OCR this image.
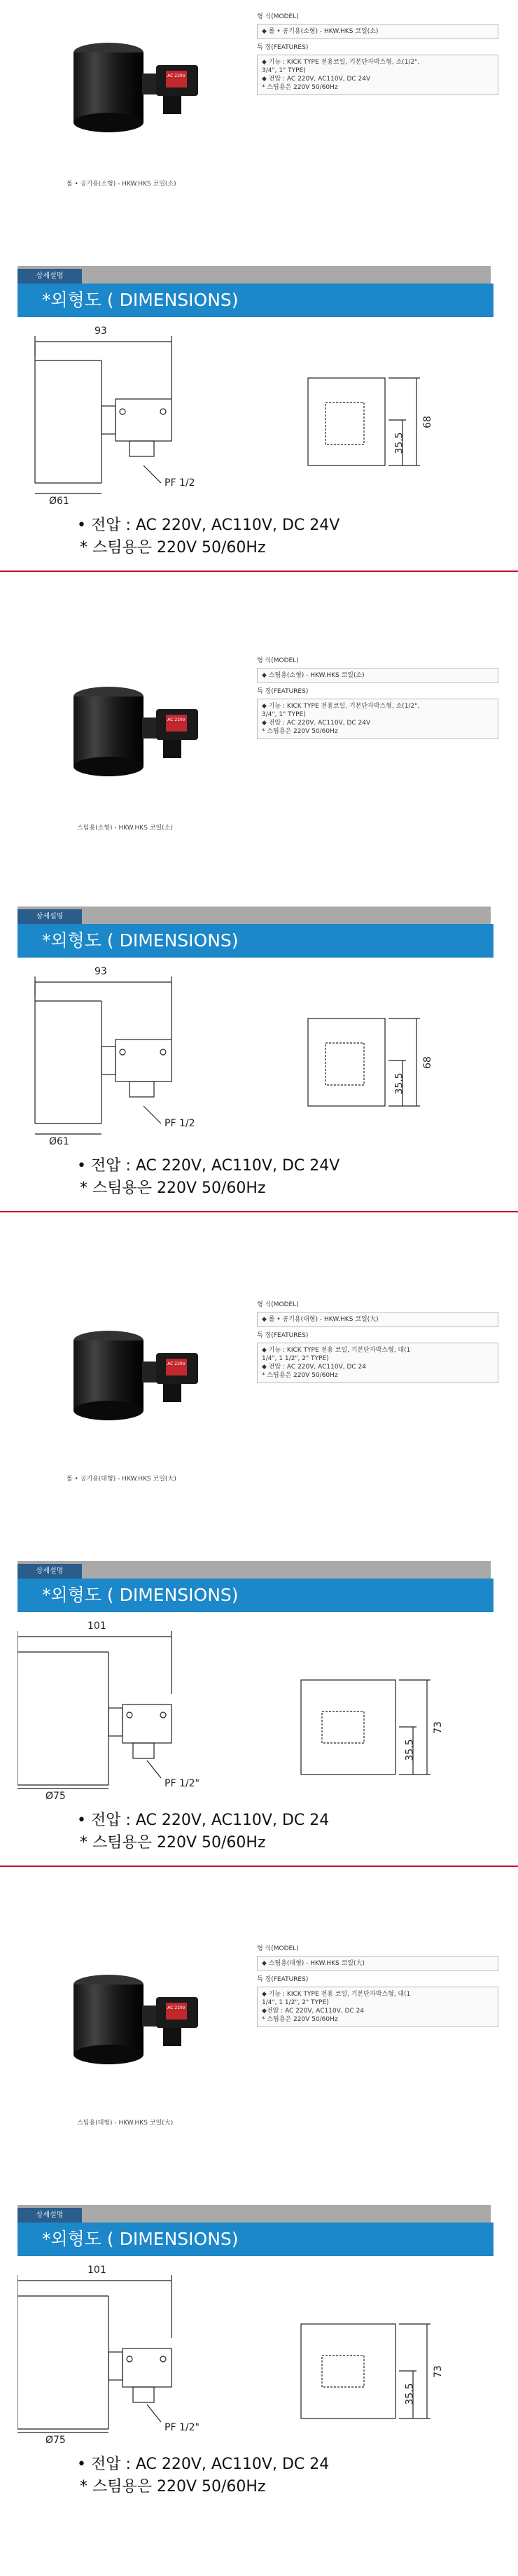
AC 220V
형 식(MODEL)
◆ 롤 • 공기용(소형) - HKW.HKS 코일(소)
특 징(FEATURES)
◆ 기능 : KICK TYPE 전용코일, 기본단자박스형, 소(1/2",
3/4", 1" TYPE)
◆ 전압 : AC 220V, AC110V, DC 24V
* 스팀용은 220V 50/60Hz
롤 • 공기용(소형) - HKW.HKS 코일(소)
상세설명
*외형도 ( DIMENSIONS)
93
Ø61
PF 1/2
68
35.5
• 전압 : AC 220V, AC110V, DC 24V
* 스팀용은 220V 50/60Hz
AC 220V
형 식(MODEL)
◆ 스팀용(소형) - HKW.HKS 코일(소)
특 징(FEATURES)
◆ 기능 : KICK TYPE 전용코일, 기본단자박스형, 소(1/2",
3/4", 1" TYPE)
◆ 전압 : AC 220V, AC110V, DC 24V
* 스팀용은 220V 50/60Hz
스팀용(소형) - HKW.HKS 코일(소)
상세설명
*외형도 ( DIMENSIONS)
93
Ø61
PF 1/2
68
35.5
• 전압 : AC 220V, AC110V, DC 24V
* 스팀용은 220V 50/60Hz
AC 220V
형 식(MODEL)
◆ 롤 • 공기용(대형) - HKW.HKS 코일(大)
특 징(FEATURES)
◆ 기능 : KICK TYPE 전용 코일, 기본단자박스형, 대(1
1/4", 1 1/2", 2" TYPE)
◆ 전압 : AC 220V, AC110V, DC 24
* 스팀용은 220V 50/60Hz
롤 • 공기용(대형) - HKW.HKS 코일(大)
상세설명
*외형도 ( DIMENSIONS)
101
Ø75
PF 1/2"
73
35.5
• 전압 : AC 220V, AC110V, DC 24
* 스팀용은 220V 50/60Hz
AC 220V
형 식(MODEL)
◆ 스팀용(대형) - HKW.HKS 코일(大)
특 징(FEATURES)
◆ 기능 : KICK TYPE 전용 코일, 기본단자박스형, 대(1
1/4", 1 1/2", 2" TYPE)
◆전압 : AC 220V, AC110V, DC 24
* 스팀용은 220V 50/60Hz
스팀용(대형) - HKW.HKS 코일(大)
상세설명
*외형도 ( DIMENSIONS)
101
Ø75
PF 1/2"
73
35.5
• 전압 : AC 220V, AC110V, DC 24
* 스팀용은 220V 50/60Hz
